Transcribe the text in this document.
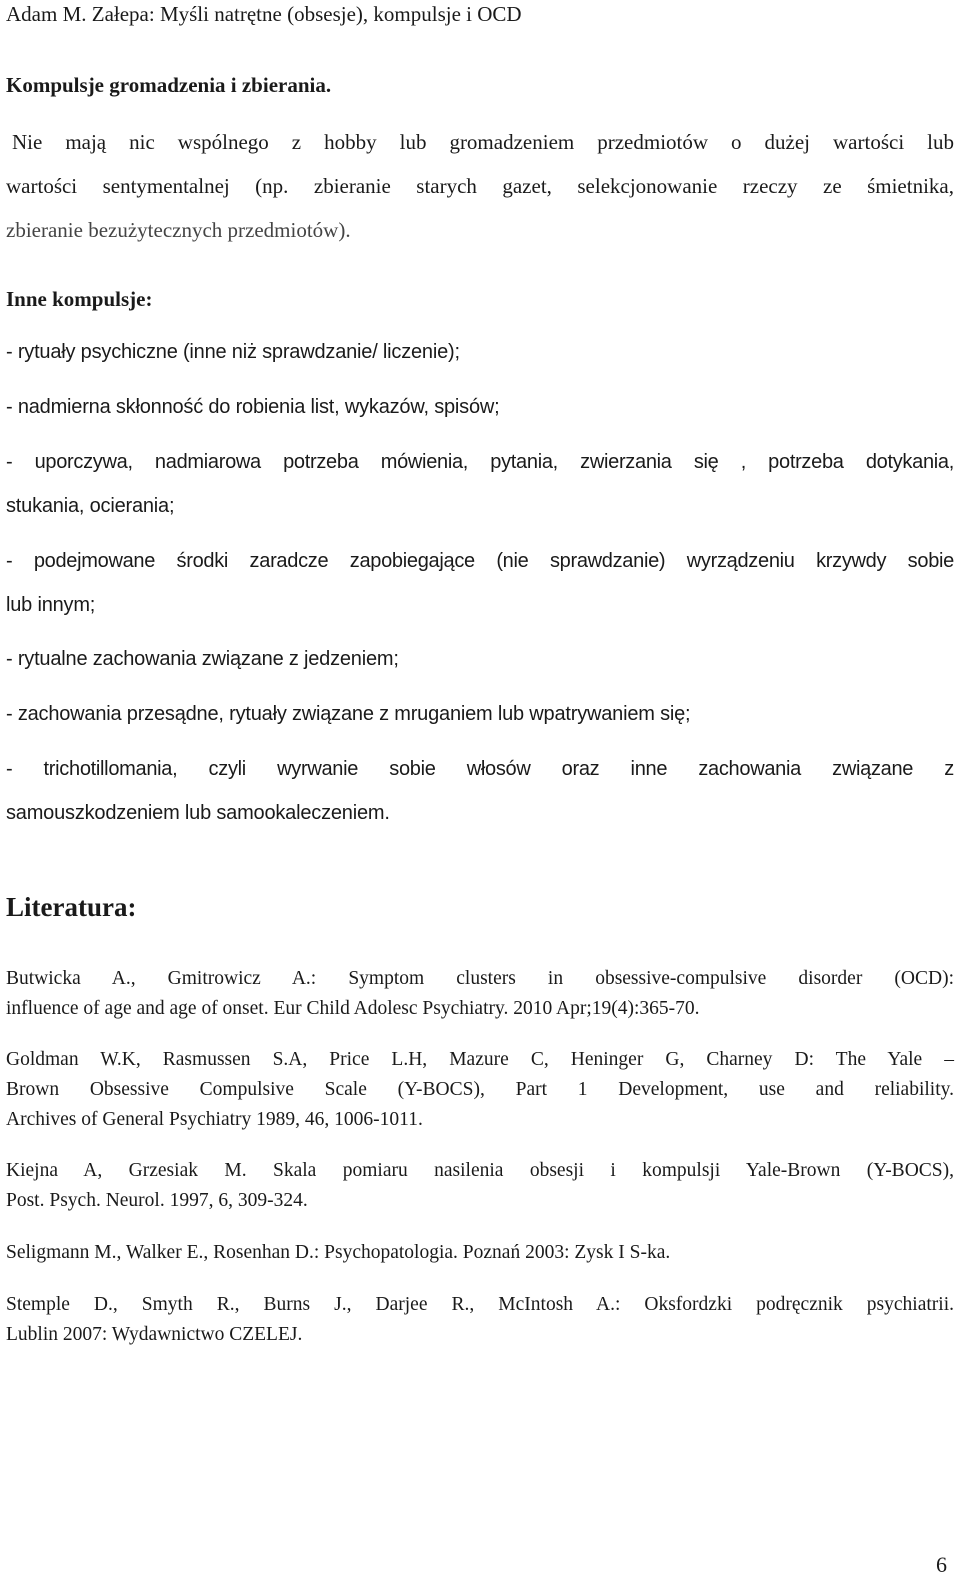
Adam M. Załepa: Myśli natrętne (obsesje), kompulsje i OCD
Kompulsje gromadzenia i zbierania.
Nie mają nic wspólnego z hobby lub gromadzeniem przedmiotów o dużej wartości lub
wartości sentymentalnej (np. zbieranie starych gazet, selekcjonowanie rzeczy ze śmietnika,
zbieranie bezużytecznych przedmiotów).
Inne kompulsje:
- rytuały psychiczne (inne niż sprawdzanie/ liczenie);
- nadmierna skłonność do robienia list, wykazów, spisów;
- uporczywa, nadmiarowa potrzeba mówienia, pytania, zwierzania się , potrzeba dotykania,
stukania, ocierania;
- podejmowane środki zaradcze zapobiegające (nie sprawdzanie) wyrządzeniu krzywdy sobie
lub innym;
- rytualne zachowania związane z jedzeniem;
- zachowania przesądne, rytuały związane z mruganiem lub wpatrywaniem się;
- trichotillomania, czyli wyrwanie sobie włosów oraz inne zachowania związane z
samouszkodzeniem lub samookaleczeniem.
Literatura:
Butwicka A., Gmitrowicz A.: Symptom clusters in obsessive-compulsive disorder (OCD):
influence of age and age of onset. Eur Child Adolesc Psychiatry. 2010 Apr;19(4):365-70.
Goldman W.K, Rasmussen S.A, Price L.H, Mazure C, Heninger G, Charney D: The Yale –
Brown Obsessive Compulsive Scale (Y-BOCS), Part 1 Development, use and reliability.
Archives of General Psychiatry 1989, 46, 1006-1011.
Kiejna A, Grzesiak M. Skala pomiaru nasilenia obsesji i kompulsji Yale-Brown (Y-BOCS),
Post. Psych. Neurol. 1997, 6, 309-324.
Seligmann M., Walker E., Rosenhan D.: Psychopatologia. Poznań 2003: Zysk I S-ka.
Stemple D., Smyth R., Burns J., Darjee R., McIntosh A.: Oksfordzki podręcznik psychiatrii.
Lublin 2007: Wydawnictwo CZELEJ.
6
